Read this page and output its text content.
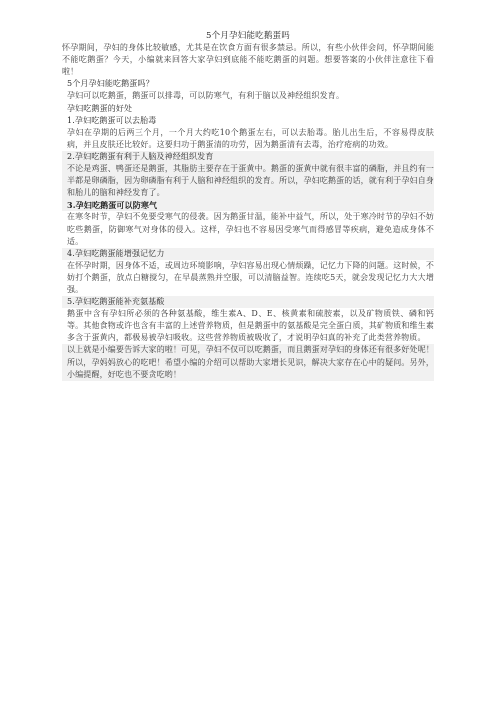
5个月孕妇能吃鹅蛋吗

怀孕期间，孕妇的身体比较敏感，尤其是在饮食方面有很多禁忌。所以，有些小伙伴会问，怀孕期间能不能吃鹅蛋？今天，小编就来回答大家孕妇到底能不能吃鹅蛋的问题。想要答案的小伙伴注意往下看啦！

5个月孕妇能吃鹅蛋吗？

孕妇可以吃鹅蛋，鹅蛋可以排毒，可以防寒气，有利于脑以及神经组织发育。

孕妇吃鹅蛋的好处

1.孕妇吃鹅蛋可以去胎毒

孕妇在孕期的后两三个月，一个月大约吃10个鹅蛋左右，可以去胎毒。胎儿出生后，不容易得皮肤病，并且皮肤还比较好。这要归功于鹅蛋清的功劳，因为鹅蛋清有去毒，治疗疮病的功效。

2.孕妇吃鹅蛋有利于人脑及神经组织发育

不论是鸡蛋、鸭蛋还是鹅蛋，其脂肪主要存在于蛋黄中。鹅蛋的蛋黄中就有很丰富的磷脂，并且约有一半都是卵磷脂，因为卵磷脂有利于人脑和神经组织的发育。所以，孕妇吃鹅蛋的话，就有利于孕妇自身和胎儿的脑和神经发育了。

3.孕妇吃鹅蛋可以防寒气

在寒冬时节，孕妇不免要受寒气的侵袭。因为鹅蛋甘温，能补中益气，所以，处于寒冷时节的孕妇不妨吃些鹅蛋，防御寒气对身体的侵入。这样，孕妇也不容易因受寒气而得感冒等疾病，避免造成身体不适。

4.孕妇吃鹅蛋能增强记忆力

在怀孕时期，因身体不适，或周边环境影响，孕妇容易出现心情烦躁，记忆力下降的问题。这时候，不妨打个鹅蛋，放点白糖搅匀，在早晨蒸熟并空服，可以清脑益智。连续吃5天，就会发现记忆力大大增强。

5.孕妇吃鹅蛋能补充氨基酸

鹅蛋中含有孕妇所必须的各种氨基酸，维生素A、D、E、核黄素和硫胺素，以及矿物质铁、磷和钙等。其他食物或许也含有丰富的上述营养物质，但是鹅蛋中的氨基酸是完全蛋白质，其矿物质和维生素多含于蛋黄内，都极易被孕妇吸收。这些营养物质被吸收了，才说明孕妇真的补充了此类营养物质。

以上就是小编要告诉大家的啦！可见，孕妇不仅可以吃鹅蛋，而且鹅蛋对孕妇的身体还有很多好处呢！所以，孕妈妈放心的吃吧！希望小编的介绍可以帮助大家增长见识，解决大家存在心中的疑问。另外，小编提醒，好吃也不要贪吃哟！
